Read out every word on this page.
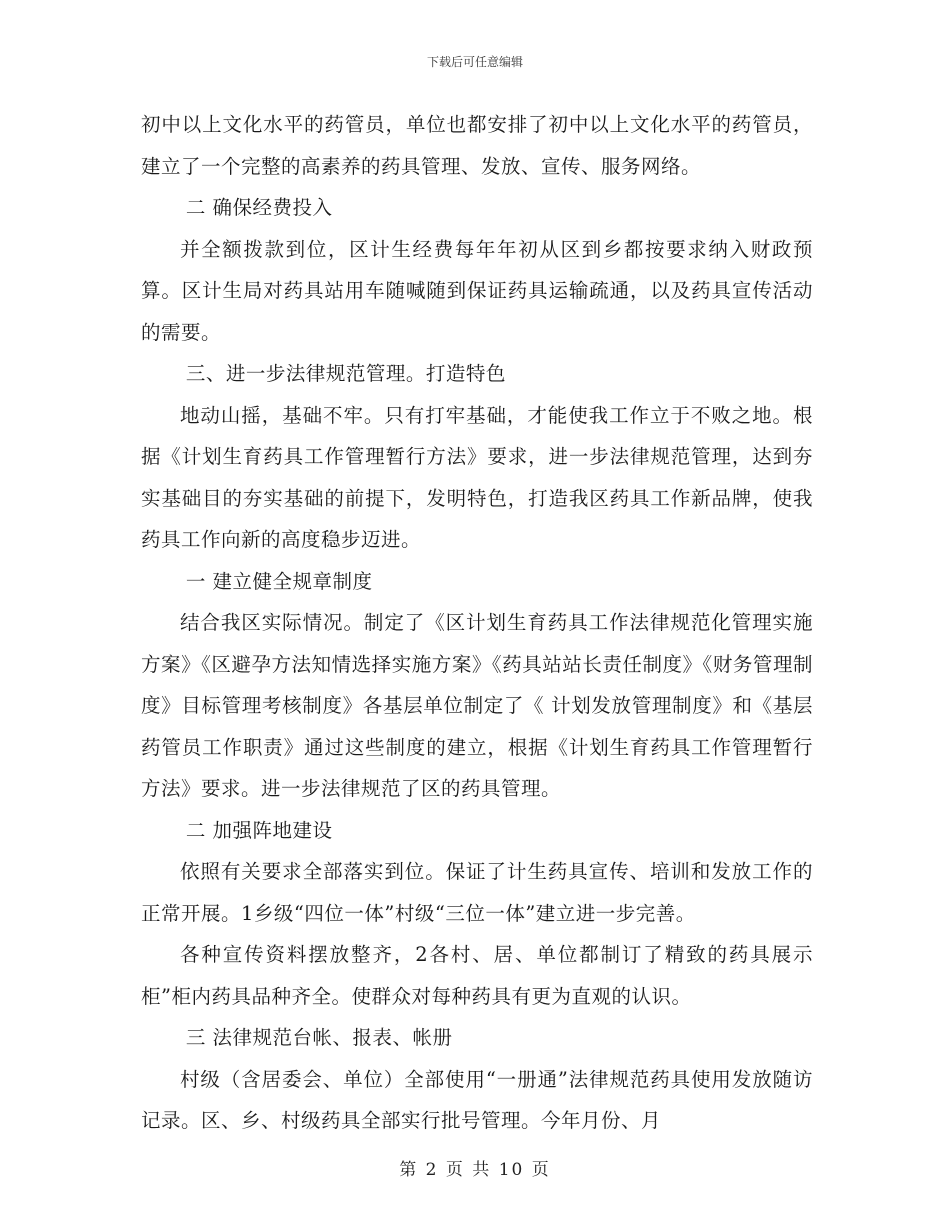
下载后可任意编辑

初中以上文化水平的药管员，单位也都安排了初中以上文化水平的药管员，建立了一个完整的高素养的药具管理、发放、宣传、服务网络。

二 确保经费投入

并全额拨款到位，区计生经费每年年初从区到乡都按要求纳入财政预算。区计生局对药具站用车随喊随到保证药具运输疏通，以及药具宣传活动的需要。

三、进一步法律规范管理。打造特色

地动山摇，基础不牢。只有打牢基础，才能使我工作立于不败之地。根据《计划生育药具工作管理暂行方法》要求，进一步法律规范管理，达到夯实基础目的夯实基础的前提下，发明特色，打造我区药具工作新品牌，使我药具工作向新的高度稳步迈进。

一 建立健全规章制度

结合我区实际情况。制定了《区计划生育药具工作法律规范化管理实施方案》《区避孕方法知情选择实施方案》《药具站站长责任制度》《财务管理制度》目标管理考核制度》各基层单位制定了《 计划发放管理制度》和《基层药管员工作职责》通过这些制度的建立，根据《计划生育药具工作管理暂行方法》要求。进一步法律规范了区的药具管理。

二 加强阵地建设

依照有关要求全部落实到位。保证了计生药具宣传、培训和发放工作的正常开展。1乡级“四位一体”村级“三位一体”建立进一步完善。

各种宣传资料摆放整齐，2各村、居、单位都制订了精致的药具展示柜”柜内药具品种齐全。使群众对每种药具有更为直观的认识。

三 法律规范台帐、报表、帐册

村级（含居委会、单位）全部使用“一册通”法律规范药具使用发放随访记录。区、乡、村级药具全部实行批号管理。今年月份、月

第 2 页 共 10 页
